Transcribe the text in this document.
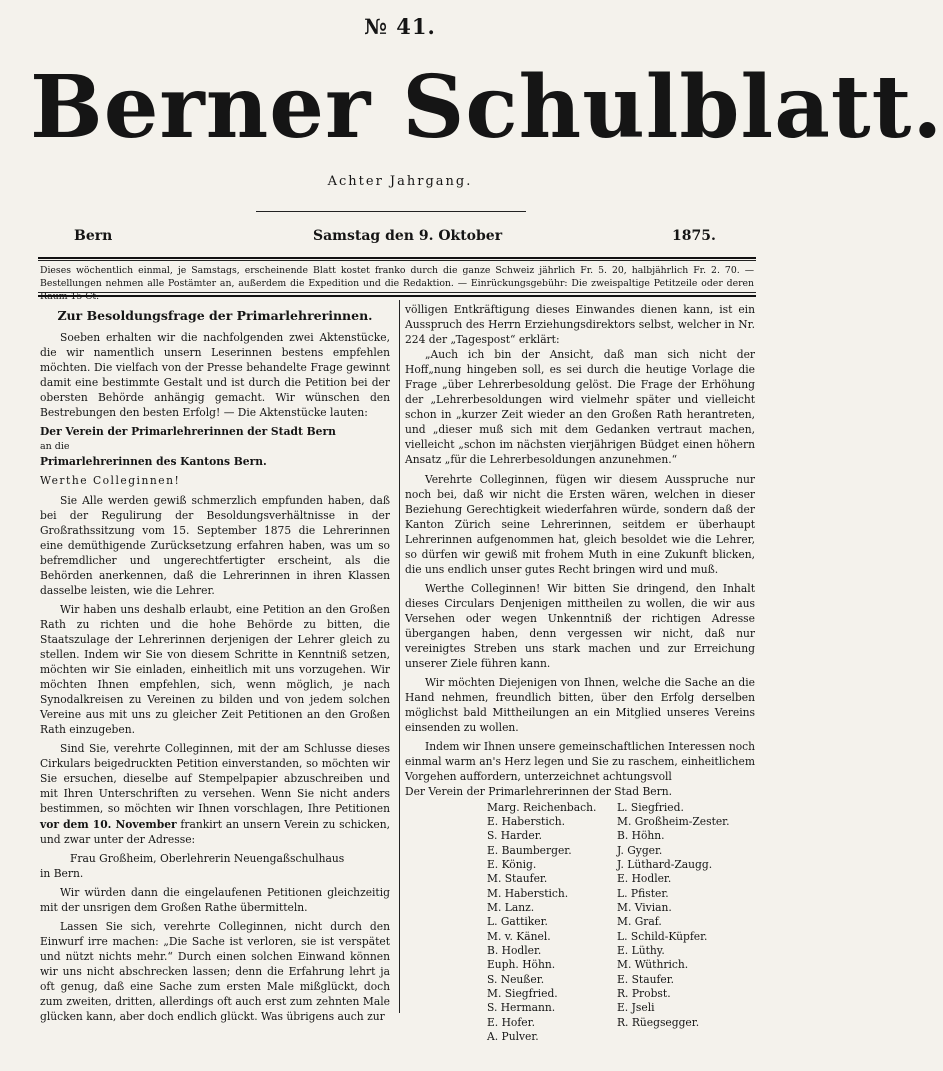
№ 41.
Berner Schulblatt.
Achter Jahrgang.
Bern	Samstag den 9. Oktober	1875.
Dieses wöchentlich einmal, je Samstags, erscheinende Blatt kostet franko durch die ganze Schweiz jährlich Fr. 5. 20, halbjährlich Fr. 2. 70. — Bestellungen nehmen alle Postämter an, außerdem die Expedition und die Redaktion. — Einrückungsgebühr: Die zweispaltige Petitzeile oder deren Raum 15 Ct.
Zur Besoldungsfrage der Primarlehrerinnen.

Soeben erhalten wir die nachfolgenden zwei Aktenstücke, die wir namentlich unsern Leserinnen bestens empfehlen möchten. Die vielfach von der Presse behandelte Frage gewinnt damit eine bestimmte Gestalt und ist durch die Petition bei der obersten Behörde anhängig gemacht. Wir wünschen den Bestrebungen den besten Erfolg! — Die Aktenstücke lauten:

Der Verein der Primarlehrerinnen der Stadt Bern

an die

Primarlehrerinnen des Kantons Bern.

Werthe Colleginnen!

Sie Alle werden gewiß schmerzlich empfunden haben, daß bei der Regulirung der Besoldungsverhältnisse in der Großrathssitzung vom 15. September 1875 die Lehrerinnen eine demüthigende Zurücksetzung erfahren haben, was um so befremdlicher und ungerechtfertigter erscheint, als die Behörden anerkennen, daß die Lehrerinnen in ihren Klassen dasselbe leisten, wie die Lehrer.

Wir haben uns deshalb erlaubt, eine Petition an den Großen Rath zu richten und die hohe Behörde zu bitten, die Staatszulage der Lehrerinnen derjenigen der Lehrer gleich zu stellen. Indem wir Sie von diesem Schritte in Kenntniß setzen, möchten wir Sie einladen, einheitlich mit uns vorzugehen. Wir möchten Ihnen empfehlen, sich, wenn möglich, je nach Synodalkreisen zu Vereinen zu bilden und von jedem solchen Vereine aus mit uns zu gleicher Zeit Petitionen an den Großen Rath einzugeben.

Sind Sie, verehrte Colleginnen, mit der am Schlusse dieses Cirkulars beigedruckten Petition einverstanden, so möchten wir Sie ersuchen, dieselbe auf Stempelpapier abzuschreiben und mit Ihren Unterschriften zu versehen. Wenn Sie nicht anders bestimmen, so möchten wir Ihnen vorschlagen, Ihre Petitionen vor dem 10. November frankirt an unsern Verein zu schicken, und zwar unter der Adresse:

Frau Großheim, Oberlehrerin Neuengaßschulhaus

in Bern.

Wir würden dann die eingelaufenen Petitionen gleichzeitig mit der unsrigen dem Großen Rathe übermitteln.

Lassen Sie sich, verehrte Colleginnen, nicht durch den Einwurf irre machen: „Die Sache ist verloren, sie ist verspätet und nützt nichts mehr.“ Durch einen solchen Einwand können wir uns nicht abschrecken lassen; denn die Erfahrung lehrt ja oft genug, daß eine Sache zum ersten Male mißglückt, doch zum zweiten, dritten, allerdings oft auch erst zum zehnten Male glücken kann, aber doch endlich glückt. Was übrigens auch zur

völligen Entkräftigung dieses Einwandes dienen kann, ist ein Ausspruch des Herrn Erziehungsdirektors selbst, welcher in Nr. 224 der „Tagespost“ erklärt:

„Auch ich bin der Ansicht, daß man sich nicht der Hoff„nung hingeben soll, es sei durch die heutige Vorlage die Frage „über Lehrerbesoldung gelöst. Die Frage der Erhöhung der „Lehrerbesoldungen wird vielmehr später und vielleicht schon in „kurzer Zeit wieder an den Großen Rath herantreten, und „dieser muß sich mit dem Gedanken vertraut machen, vielleicht „schon im nächsten vierjährigen Büdget einen höhern Ansatz „für die Lehrerbesoldungen anzunehmen.“

Verehrte Colleginnen, fügen wir diesem Ausspruche nur noch bei, daß wir nicht die Ersten wären, welchen in dieser Beziehung Gerechtigkeit wiederfahren würde, sondern daß der Kanton Zürich seine Lehrerinnen, seitdem er überhaupt Lehrerinnen aufgenommen hat, gleich besoldet wie die Lehrer, so dürfen wir gewiß mit frohem Muth in eine Zukunft blicken, die uns endlich unser gutes Recht bringen wird und muß.

Werthe Colleginnen! Wir bitten Sie dringend, den Inhalt dieses Circulars Denjenigen mittheilen zu wollen, die wir aus Versehen oder wegen Unkenntniß der richtigen Adresse übergangen haben, denn vergessen wir nicht, daß nur vereinigtes Streben uns stark machen und zur Erreichung unserer Ziele führen kann.

Wir möchten Diejenigen von Ihnen, welche die Sache an die Hand nehmen, freundlich bitten, über den Erfolg derselben möglichst bald Mittheilungen an ein Mitglied unseres Vereins einsenden zu wollen.

Indem wir Ihnen unsere gemeinschaftlichen Interessen noch einmal warm an's Herz legen und Sie zu raschem, einheitlichem Vorgehen auffordern, unterzeichnet achtungsvoll

Der Verein der Primarlehrerinnen der Stad Bern.

Marg. Reichenbach.	L. Siegfried.
E. Haberstich.	M. Großheim-Zester.
S. Harder.	B. Höhn.
E. Baumberger.	J. Gyger.
E. König.	J. Lüthard-Zaugg.
M. Staufer.	E. Hodler.
M. Haberstich.	L. Pfister.
M. Lanz.	M. Vivian.
L. Gattiker.	M. Graf.
M. v. Känel.	L. Schild-Küpfer.
B. Hodler.	E. Lüthy.
Euph. Höhn.	M. Wüthrich.
S. Neußer.	E. Staufer.
M. Siegfried.	R. Probst.
S. Hermann.	E. Jseli
E. Hofer.	R. Rüegsegger.
A. Pulver.
